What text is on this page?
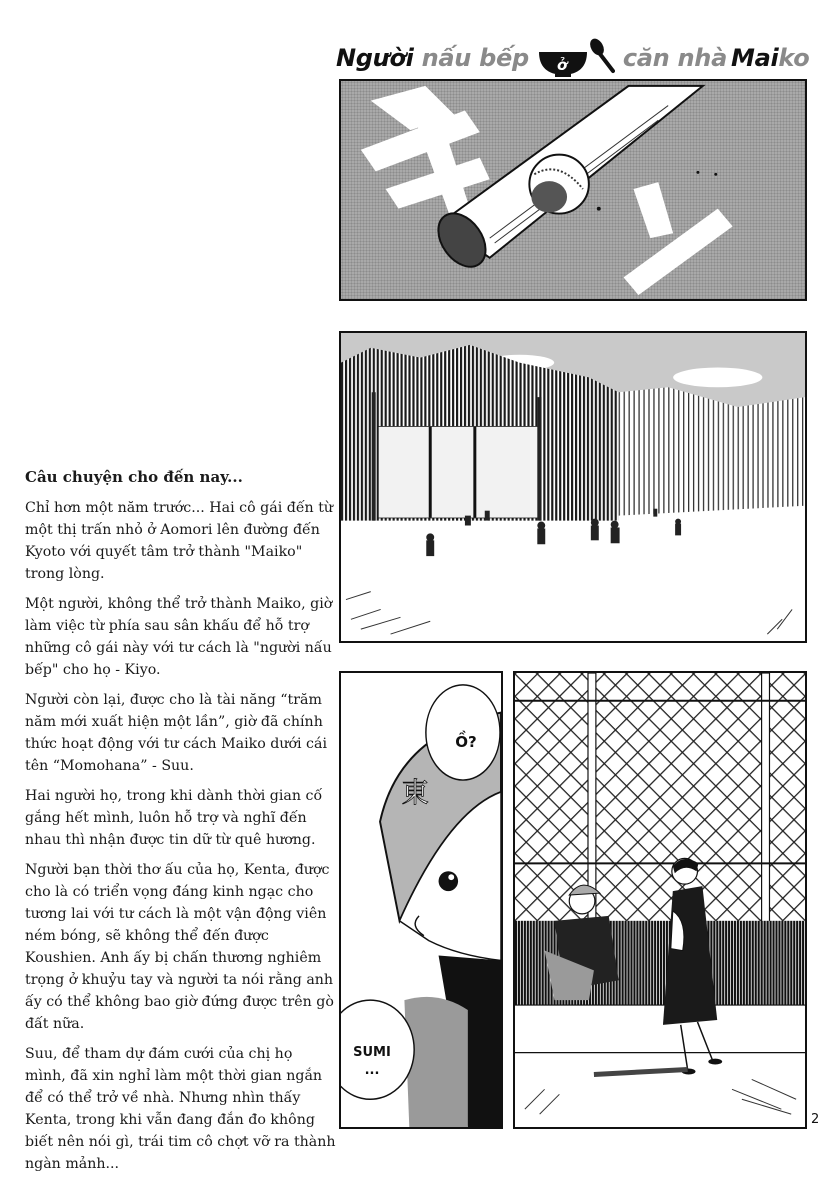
Người nấu bếp ở căn nhà Maiko
東
Ồ?
SUMI
...
2
Câu chuyện cho đến nay...

Chỉ hơn một năm trước... Hai cô gái đến từ một thị trấn nhỏ ở Aomori lên đường đến Kyoto với quyết tâm trở thành "Maiko" trong lòng.

Một người, không thể trở thành Maiko, giờ làm việc từ phía sau sân khấu để hỗ trợ những cô gái này với tư cách là "người nấu bếp" cho họ - Kiyo.

Người còn lại, được cho là tài năng “trăm năm mới xuất hiện một lần”, giờ đã chính thức hoạt động với tư cách Maiko dưới cái tên “Momohana” - Suu.

Hai người họ, trong khi dành thời gian cố gắng hết mình, luôn hỗ trợ và nghĩ đến nhau thì nhận được tin dữ từ quê hương.

Người bạn thời thơ ấu của họ, Kenta, được cho là có triển vọng đáng kinh ngạc cho tương lai với tư cách là một vận động viên ném bóng, sẽ không thể đến được Koushien. Anh ấy bị chấn thương nghiêm trọng ở khuỷu tay và người ta nói rằng anh ấy có thể không bao giờ đứng được trên gò đất nữa.

Suu, để tham dự đám cưới của chị họ mình, đã xin nghỉ làm một thời gian ngắn để có thể trở về nhà. Nhưng nhìn thấy Kenta, trong khi vẫn đang đắn đo không biết nên nói gì, trái tim cô chợt vỡ ra thành ngàn mảnh...
